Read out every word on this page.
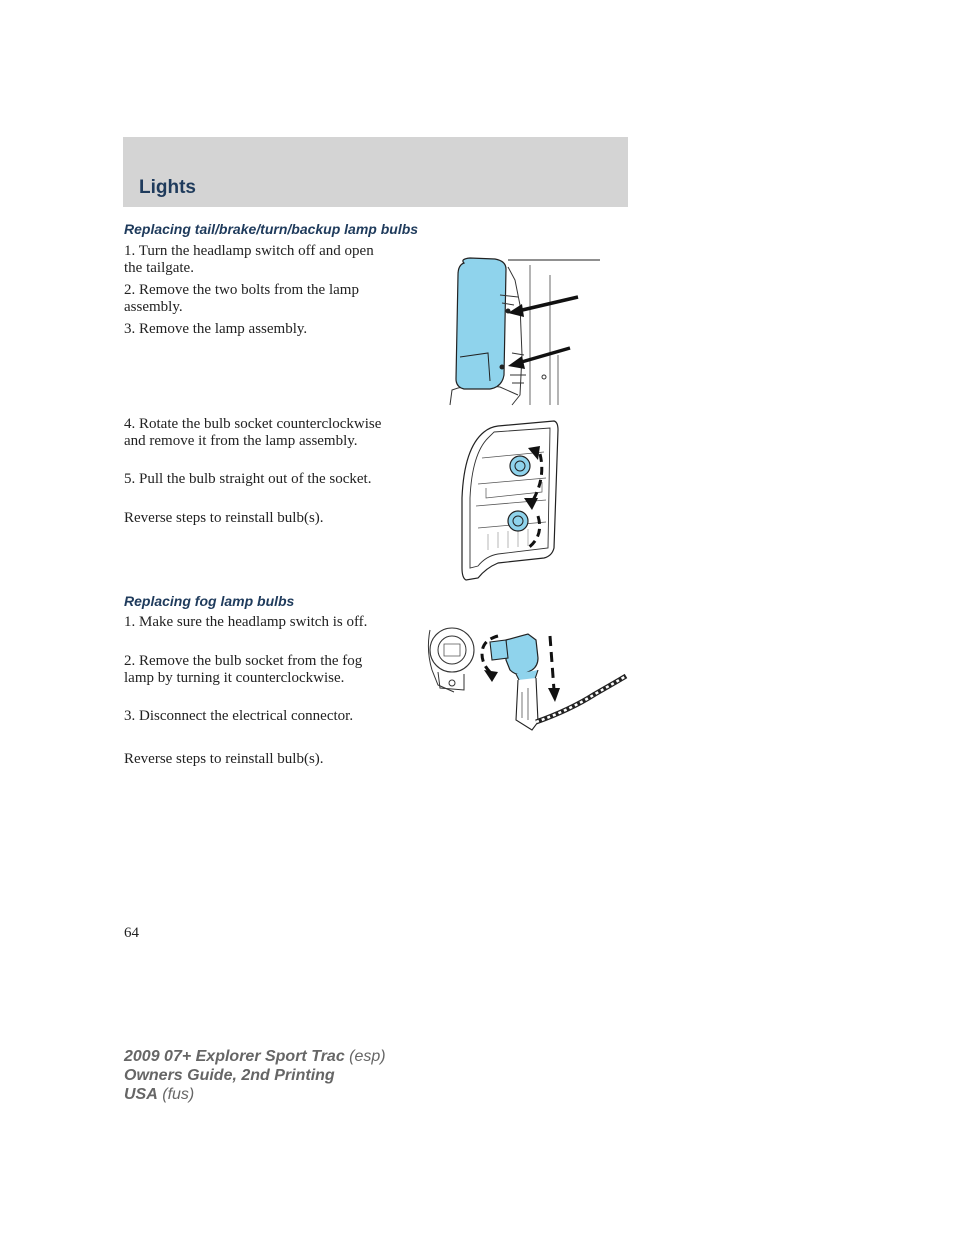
Lights
Replacing tail/brake/turn/backup lamp bulbs

1. Turn the headlamp switch off and open the tailgate.

2. Remove the two bolts from the lamp assembly.

3. Remove the lamp assembly.

4. Rotate the bulb socket counterclockwise and remove it from the lamp assembly.

5. Pull the bulb straight out of the socket.

Reverse steps to reinstall bulb(s).

Replacing fog lamp bulbs

1. Make sure the headlamp switch is off.

2. Remove the bulb socket from the fog lamp by turning it counterclockwise.

3. Disconnect the electrical connector.

Reverse steps to reinstall bulb(s).

64

2009 07+ Explorer Sport Trac (esp)
Owners Guide, 2nd Printing
USA (fus)
